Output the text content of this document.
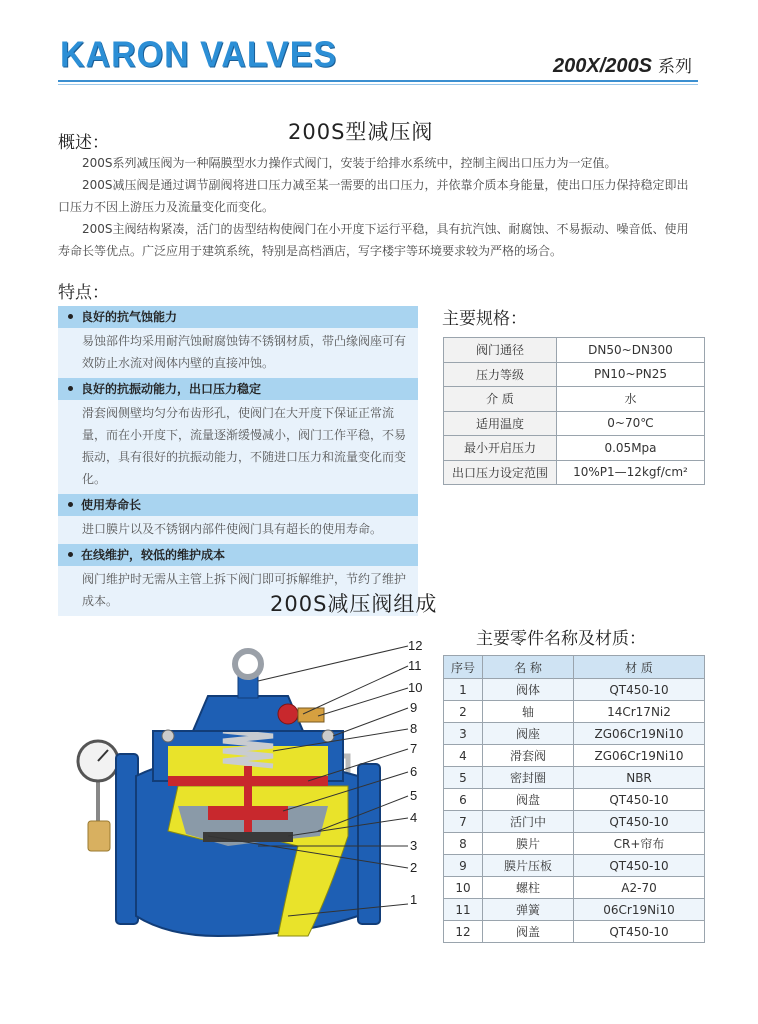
KARON VALVES	200X/200S 系列
200S型减压阀
概述：

200S系列减压阀为一种隔膜型水力操作式阀门，安装于给排水系统中，控制主阀出口压力为一定值。

200S减压阀是通过调节副阀将进口压力减至某一需要的出口压力，并依靠介质本身能量，使出口压力保持稳定即出口压力不因上游压力及流量变化而变化。

200S主阀结构紧凑，活门的齿型结构使阀门在小开度下运行平稳，具有抗汽蚀、耐腐蚀、不易振动、噪音低、使用寿命长等优点。广泛应用于建筑系统，特别是高档酒店，写字楼宇等环境要求较为严格的场合。

特点：
良好的抗气蚀能力
易蚀部件均采用耐汽蚀耐腐蚀铸不锈钢材质，带凸缘阀座可有效防止水流对阀体内壁的直接冲蚀。
良好的抗振动能力，出口压力稳定
滑套阀侧壁均匀分布齿形孔，使阀门在大开度下保证正常流量，而在小开度下，流量逐渐缓慢减小，阀门工作平稳，不易振动，具有很好的抗振动能力，不随进口压力和流量变化而变化。
使用寿命长
进口膜片以及不锈钢内部件使阀门具有超长的使用寿命。
在线维护，较低的维护成本
阀门维护时无需从主管上拆下阀门即可拆解维护，节约了维护成本。
主要规格：
阀门通径	DN50~DN300
压力等级	PN10~PN25
介 质	水
适用温度	0~70℃
最小开启压力	0.05Mpa
出口压力设定范围	10%P1—12kgf/cm²
200S减压阀组成
12
11
10
9
8
7
6
5
4
3
2
1
主要零件名称及材质：
序号	名 称	材 质
1	阀体	QT450-10
2	轴	14Cr17Ni2
3	阀座	ZG06Cr19Ni10
4	滑套阀	ZG06Cr19Ni10
5	密封圈	NBR
6	阀盘	QT450-10
7	活门中	QT450-10
8	膜片	CR+帘布
9	膜片压板	QT450-10
10	螺柱	A2-70
11	弹簧	06Cr19Ni10
12	阀盖	QT450-10
